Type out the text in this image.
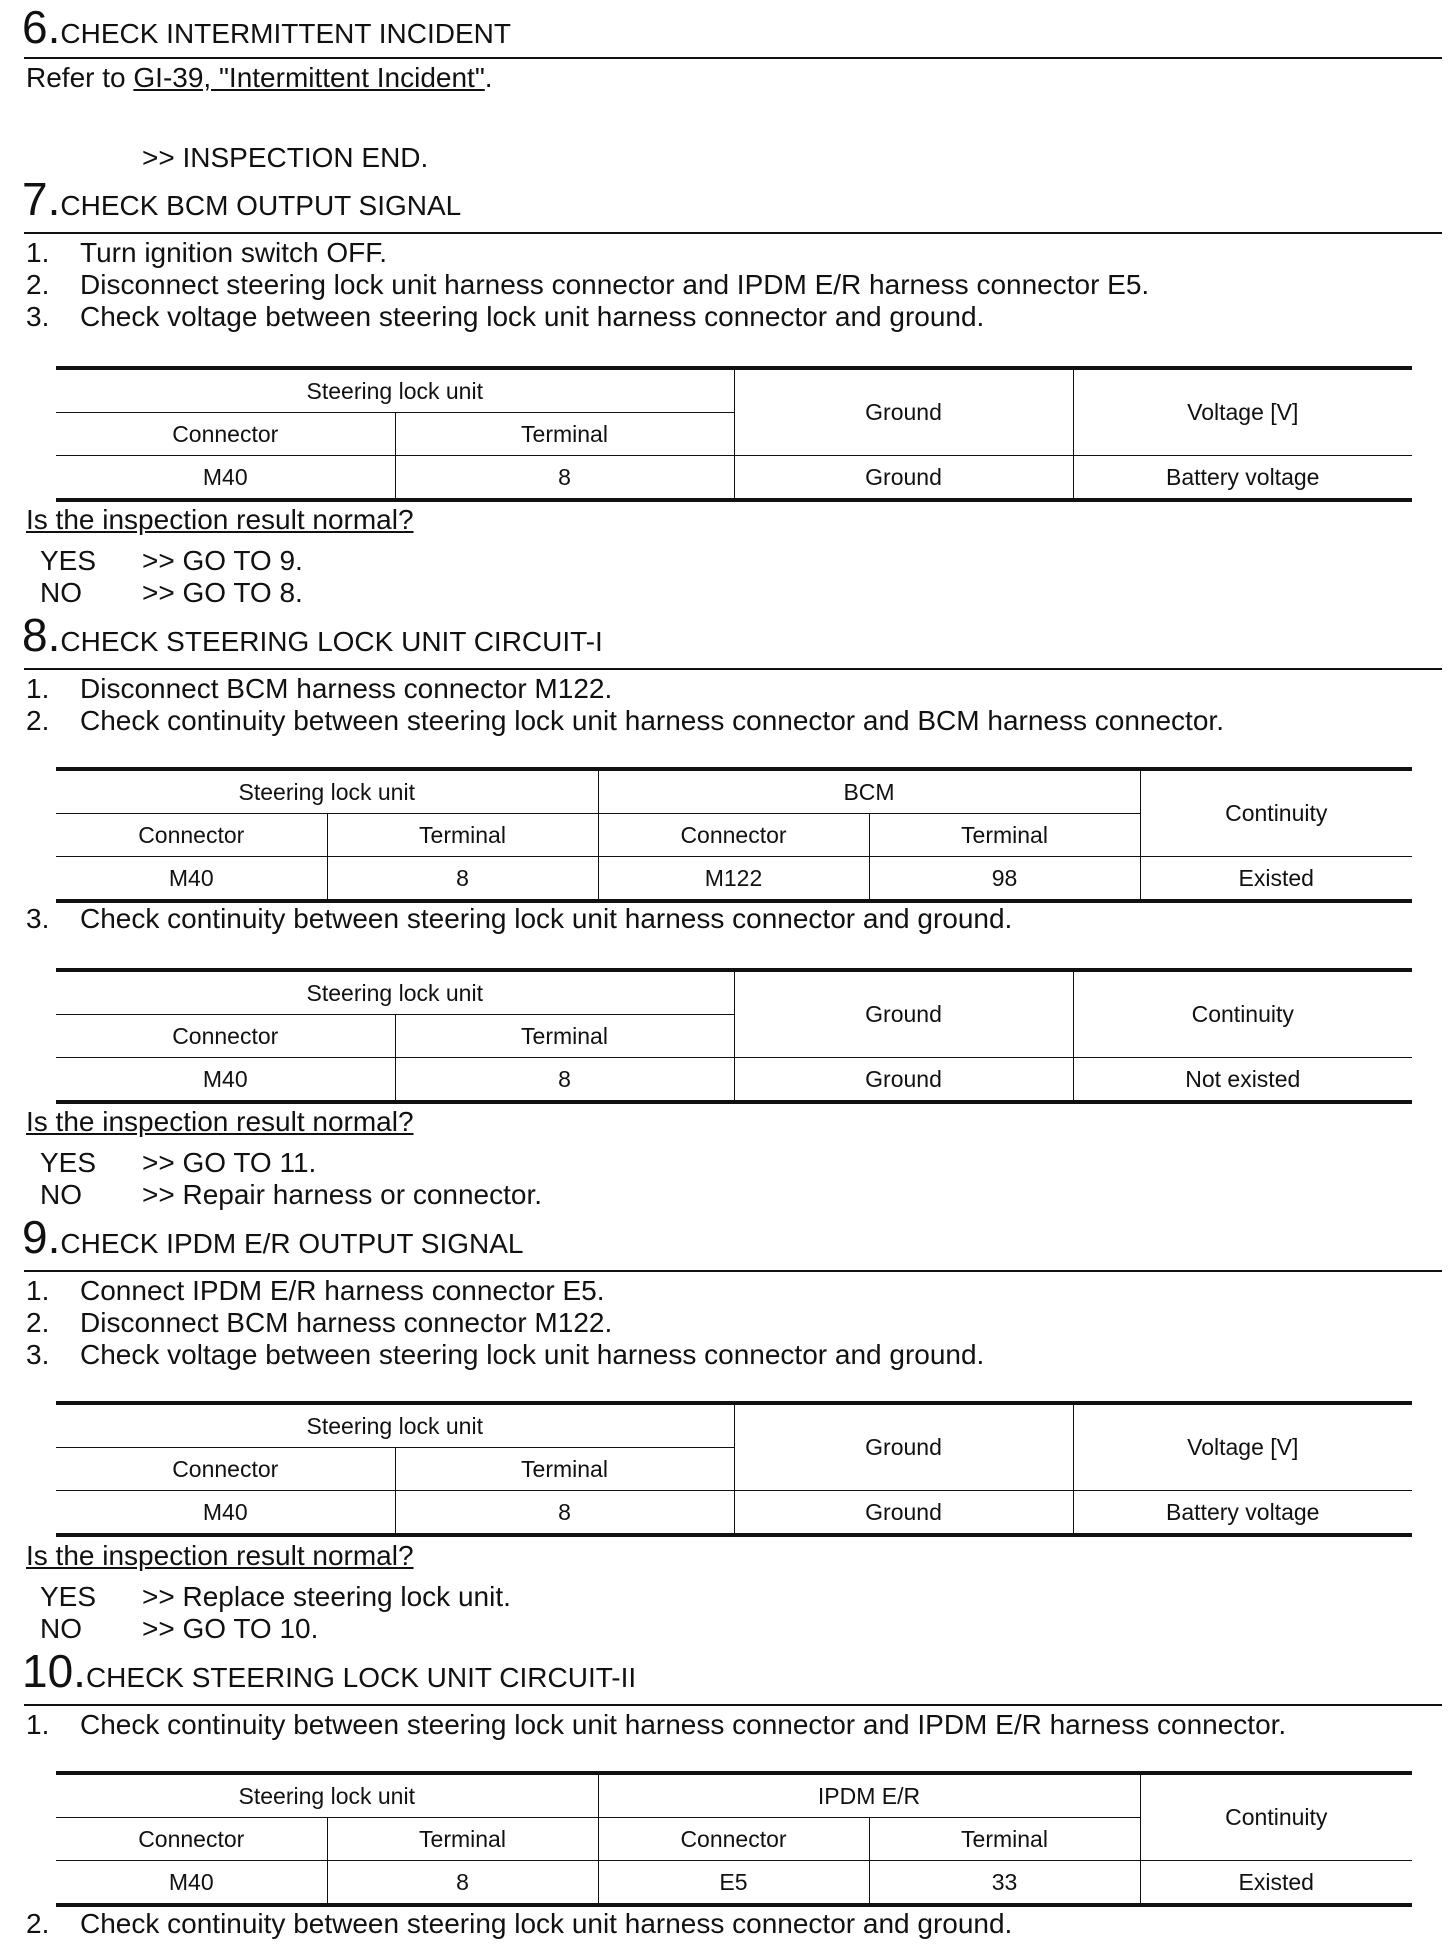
6.CHECK INTERMITTENT INCIDENT
Refer to GI-39, "Intermittent Incident".
>> INSPECTION END.
7.CHECK BCM OUTPUT SIGNAL
1. Turn ignition switch OFF.
2. Disconnect steering lock unit harness connector and IPDM E/R harness connector E5.
3. Check voltage between steering lock unit harness connector and ground.
Steering lock unit		Ground	Voltage [V]
Connector	Terminal		
M40	8	Ground	Battery voltage
Is the inspection result normal?
YES >> GO TO 9.
NO >> GO TO 8.
8.CHECK STEERING LOCK UNIT CIRCUIT-I
1. Disconnect BCM harness connector M122.
2. Check continuity between steering lock unit harness connector and BCM harness connector.
Steering lock unit		BCM		Continuity
Connector	Terminal	Connector	Terminal	
M40	8	M122	98	Existed
3. Check continuity between steering lock unit harness connector and ground.
Steering lock unit		Ground	Continuity
Connector	Terminal		
M40	8	Ground	Not existed
Is the inspection result normal?
YES >> GO TO 11.
NO >> Repair harness or connector.
9.CHECK IPDM E/R OUTPUT SIGNAL
1. Connect IPDM E/R harness connector E5.
2. Disconnect BCM harness connector M122.
3. Check voltage between steering lock unit harness connector and ground.
Steering lock unit		Ground	Voltage [V]
Connector	Terminal		
M40	8	Ground	Battery voltage
Is the inspection result normal?
YES >> Replace steering lock unit.
NO >> GO TO 10.
10.CHECK STEERING LOCK UNIT CIRCUIT-II
1. Check continuity between steering lock unit harness connector and IPDM E/R harness connector.
Steering lock unit		IPDM E/R		Continuity
Connector	Terminal	Connector	Terminal	
M40	8	E5	33	Existed
2. Check continuity between steering lock unit harness connector and ground.
